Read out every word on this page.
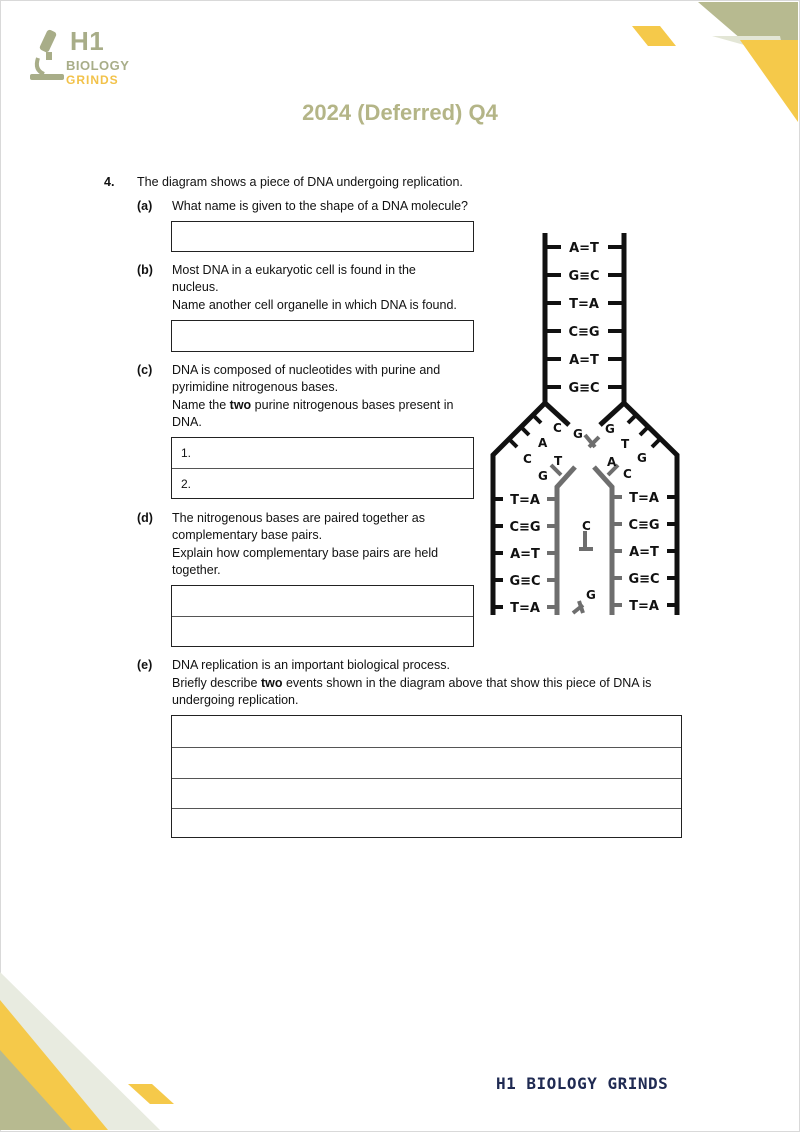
H1
BIOLOGY
GRINDS
2024 (Deferred) Q4
4. The diagram shows a piece of DNA undergoing replication.
(a) What name is given to the shape of a DNA molecule?
(b) Most DNA in a eukaryotic cell is found in the
nucleus.
Name another cell organelle in which DNA is found.
(c) DNA is composed of nucleotides with purine and
pyrimidine nitrogenous bases.
Name the two purine nitrogenous bases present in
DNA.
1.
2.
(d) The nitrogenous bases are paired together as
complementary base pairs.
Explain how complementary base pairs are held
together.
(e) DNA replication is an important biological process.
Briefly describe two events shown in the diagram above that show this piece of DNA is
undergoing replication.
A=T
G≡C
T=A
C≡G
A=T
G≡C
T=A
C≡G
A=T
G≡C
T=A
T=A
C≡G
A=T
G≡C
T=A
C
A
T
C
G
G G
T
A
C
G
C
G
H1 BIOLOGY GRINDS
